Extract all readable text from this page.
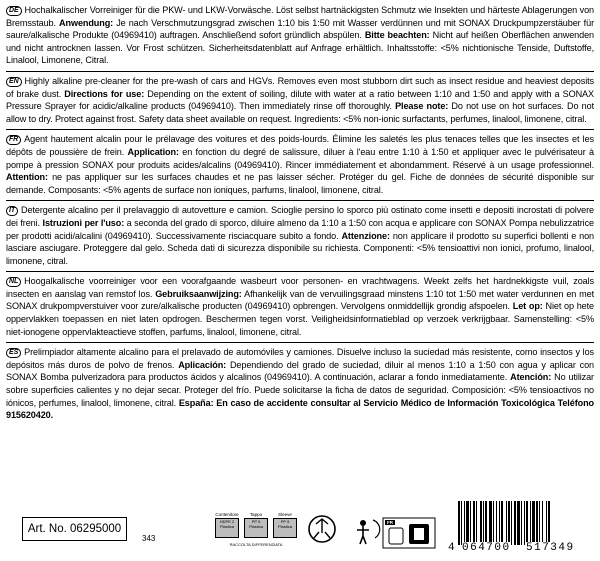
DE Hochalkalischer Vorreiniger für die PKW- und LKW-Vorwäsche. Löst selbst hartnäckigsten Schmutz wie Insekten und härteste Ablagerungen von Bremsstaub. Anwendung: Je nach Verschmutzungsgrad zwischen 1:10 bis 1:50 mit Wasser verdünnen und mit SONAX Druckpumpzerstäuber für saure/alkalische Produkte (04969410) auftragen. Anschließend sofort gründlich abspülen. Bitte beachten: Nicht auf heißen Oberflächen anwenden und nicht antrocknen lassen. Vor Frost schützen. Sicherheitsdatenblatt auf Anfrage erhältlich. Inhaltsstoffe: <5% nichtionische Tenside, Duftstoffe, Linalool, Limonene, Citral.
EN Highly alkaline pre-cleaner for the pre-wash of cars and HGVs. Removes even most stubborn dirt such as insect residue and heaviest deposits of brake dust. Directions for use: Depending on the extent of soiling, dilute with water at a ratio between 1:10 and 1:50 and apply with a SONAX Pressure Sprayer for acidic/alkaline products (04969410). Then immediately rinse off thoroughly. Please note: Do not use on hot surfaces. Do not allow to dry. Protect against frost. Safety data sheet available on request. Ingredients: <5% non-ionic surfactants, perfumes, linalool, limonene, citral.
FR Agent hautement alcalin pour le prélavage des voitures et des poids-lourds. Élimine les saletés les plus tenaces telles que les insectes et les dépôts de poussière de frein. Application: en fonction du degré de salissure, diluer à l'eau entre 1:10 à 1:50 et appliquer avec le pulvérisateur à pompe à pression SONAX pour produits acides/alcalins (04969410). Rincer immédiatement et abondamment. Réservé à un usage professionnel. Attention: ne pas appliquer sur les surfaces chaudes et ne pas laisser sécher. Protéger du gel. Fiche de données de sécurité disponible sur demande. Composants: <5% agents de surface non ioniques, parfums, linalool, limonene, citral.
IT Detergente alcalino per il prelavaggio di autovetture e camion. Scioglie persino lo sporco più ostinato come insetti e depositi incrostati di polvere dei freni. Istruzioni per l'uso: a seconda del grado di sporco, diluire almeno da 1:10 a 1:50 con acqua e applicare con SONAX Pompa nebulizzatrice per prodotti acidi/alcalini (04969410). Successivamente risciacquare subito a fondo. Attenzione: non applicare il prodotto su superfici bollenti e non lasciare asciugare. Proteggere dal gelo. Scheda dati di sicurezza disponibile su richiesta. Componenti: <5% tensioattivi non ionici, profumo, linalool, limonene, citral.
NL Hoogalkalische voorreiniger voor een voorafgaande wasbeurt voor personen- en vrachtwagens. Weekt zelfs het hardnekkigste vuil, zoals insecten en aanslag van remstof los. Gebruiksaanwijzing: Afhankelijk van de vervuilingsgraad minstens 1:10 tot 1:50 met water verdunnen en met SONAX drukpompverstuiver voor zure/alkalische producten (04969410) opbrengen. Vervolgens onmiddellijk grondig afspoelen. Let op: Niet op hete oppervlakken toepassen en niet laten opdrogen. Beschermen tegen vorst. Veiligheidsinformatieblad op verzoek verkrijgbaar. Samenstelling: <5% niet-ionogene oppervlakteactieve stoffen, parfums, linalool, limonene, citral.
ES Prelimpiador altamente alcalino para el prelavado de automóviles y camiones. Disuelve incluso la suciedad más resistente, como insectos y los depósitos más duros de polvo de frenos. Aplicación: Dependiendo del grado de suciedad, diluir al menos 1:10 a 1:50 con agua y aplicar con SONAX Bomba pulverizadora para productos ácidos y alcalinos (04969410). A continuación, aclarar a fondo inmediatamente. Atención: No utilizar sobre superficies calientes y no dejar secar. Proteger del frío. Puede solicitarse la ficha de datos de seguridad. Composición: <5% tensioactivos no iónicos, perfumes, linalool, limonene, citral. España: En caso de accidente consultar al Servicio Médico de Información Toxicológica Teléfono 915620420.
Art. No. 06295000
343
Contenitore
HDPE 2
Plastica
Tappo
PP 5
Plastica
Sleeve
PP 5
Plastica
RACCOLTA DIFFERENZIATA
FR
4 064700 517349
